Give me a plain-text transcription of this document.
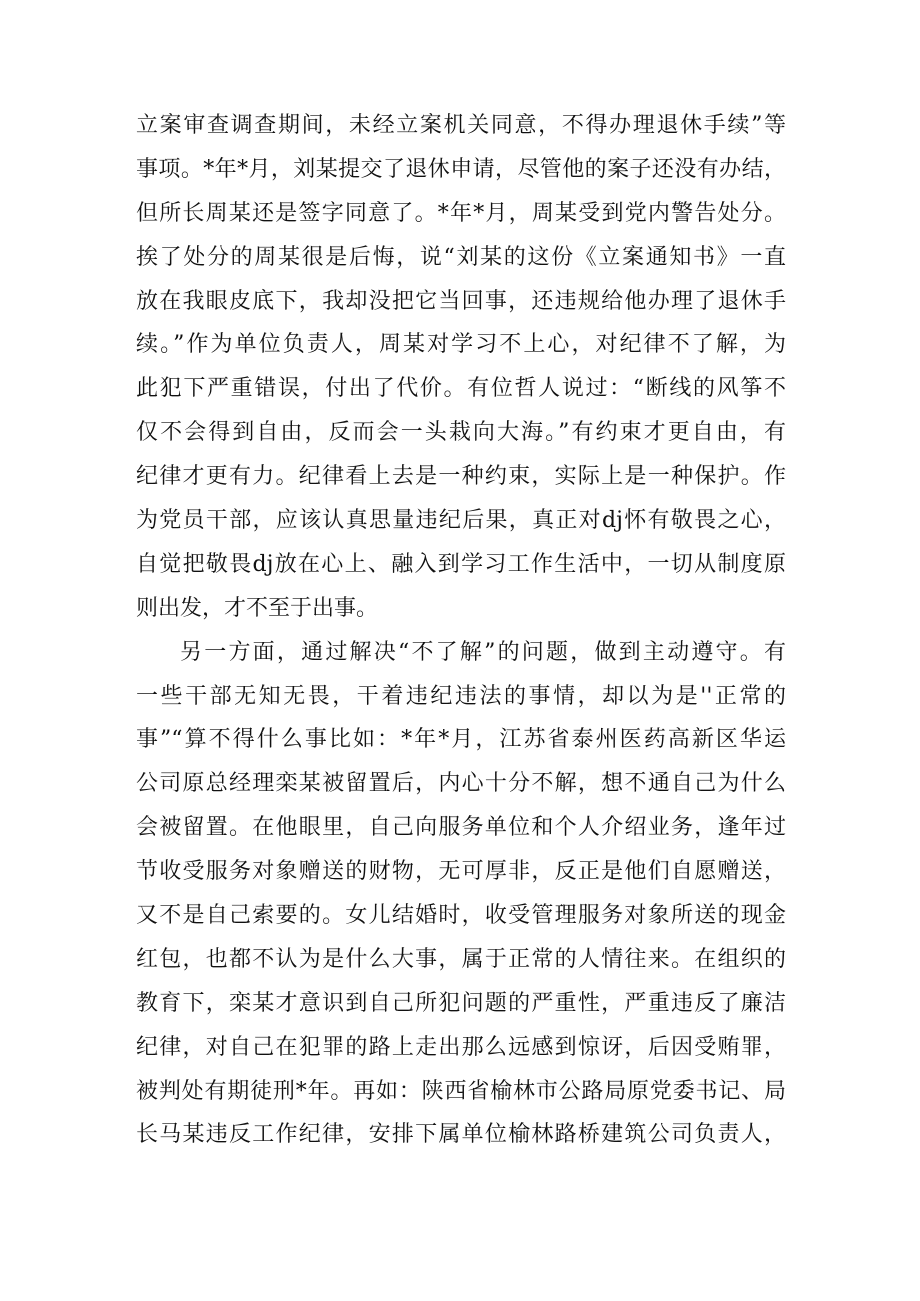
立案审查调查期间，未经立案机关同意，不得办理退休手续”等
事项。*年*月，刘某提交了退休申请，尽管他的案子还没有办结，
但所长周某还是签字同意了。*年*月，周某受到党内警告处分。
挨了处分的周某很是后悔，说“刘某的这份《立案通知书》一直
放在我眼皮底下，我却没把它当回事，还违规给他办理了退休手
续。”作为单位负责人，周某对学习不上心，对纪律不了解，为
此犯下严重错误，付出了代价。有位哲人说过：“断线的风筝不
仅不会得到自由，反而会一头栽向大海。”有约束才更自由，有
纪律才更有力。纪律看上去是一种约束，实际上是一种保护。作
为党员干部，应该认真思量违纪后果，真正对dj怀有敬畏之心，
自觉把敬畏dj放在心上、融入到学习工作生活中，一切从制度原
则出发，才不至于出事。
另一方面，通过解决“不了解”的问题，做到主动遵守。有
一些干部无知无畏，干着违纪违法的事情，却以为是''正常的
事”“算不得什么事比如：*年*月，江苏省泰州医药高新区华运
公司原总经理栾某被留置后，内心十分不解，想不通自己为什么
会被留置。在他眼里，自己向服务单位和个人介绍业务，逢年过
节收受服务对象赠送的财物，无可厚非，反正是他们自愿赠送，
又不是自己索要的。女儿结婚时，收受管理服务对象所送的现金
红包，也都不认为是什么大事，属于正常的人情往来。在组织的
教育下，栾某才意识到自己所犯问题的严重性，严重违反了廉洁
纪律，对自己在犯罪的路上走出那么远感到惊讶，后因受贿罪，
被判处有期徒刑*年。再如：陕西省榆林市公路局原党委书记、局
长马某违反工作纪律，安排下属单位榆林路桥建筑公司负责人，
